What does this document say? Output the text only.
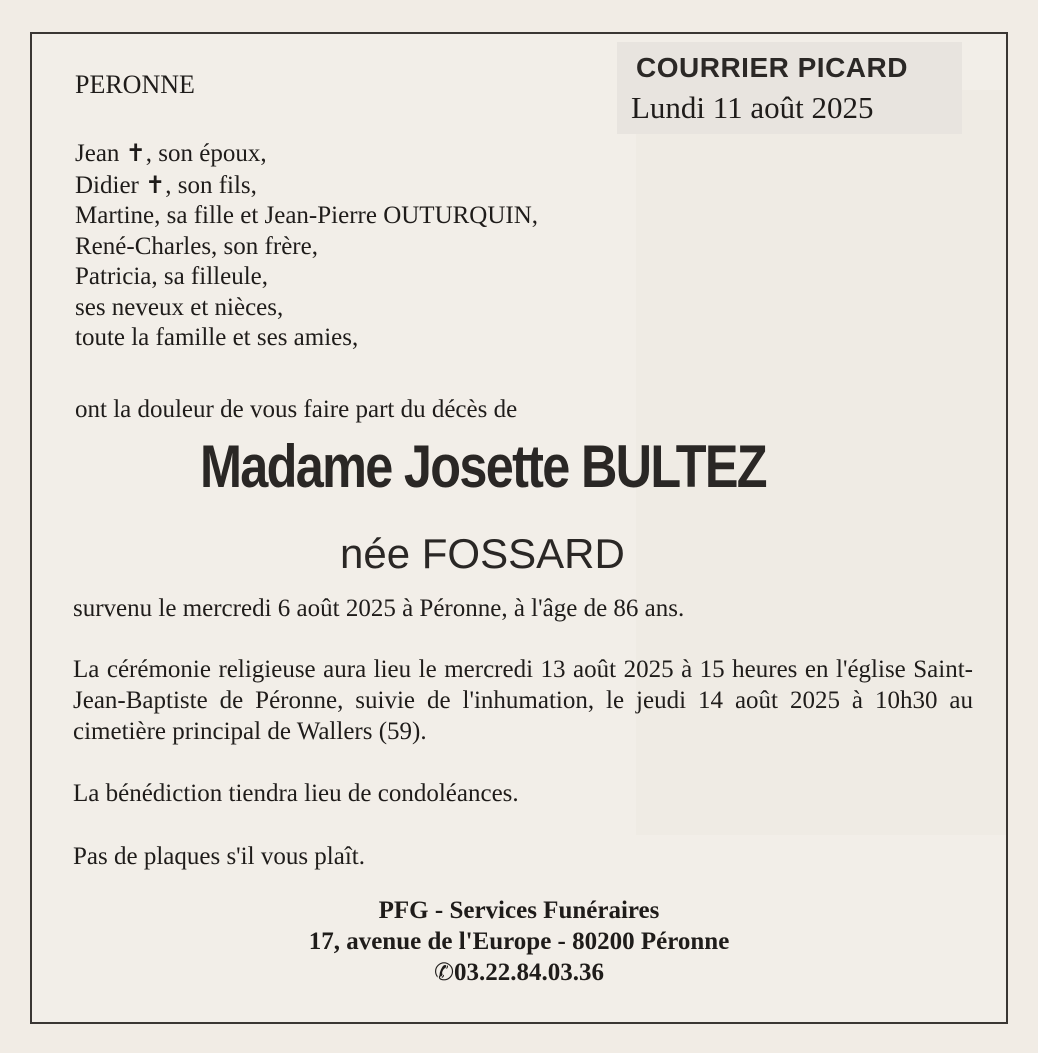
COURRIER PICARD
Lundi 11 août 2025
PERONNE
Jean ✝, son époux,
Didier ✝, son fils,
Martine, sa fille et Jean-Pierre OUTURQUIN,
René-Charles, son frère,
Patricia, sa filleule,
ses neveux et nièces,
toute la famille et ses amies,
ont la douleur de vous faire part du décès de
Madame Josette BULTEZ
née FOSSARD
survenu le mercredi 6 août 2025 à Péronne, à l'âge de 86 ans.
La cérémonie religieuse aura lieu le mercredi 13 août 2025 à 15 heures en l'église Saint-Jean-Baptiste de Péronne, suivie de l'inhumation, le jeudi 14 août 2025 à 10h30 au cimetière principal de Wallers (59).
La bénédiction tiendra lieu de condoléances.
Pas de plaques s'il vous plaît.
PFG - Services Funéraires
17, avenue de l'Europe - 80200 Péronne
✆03.22.84.03.36
